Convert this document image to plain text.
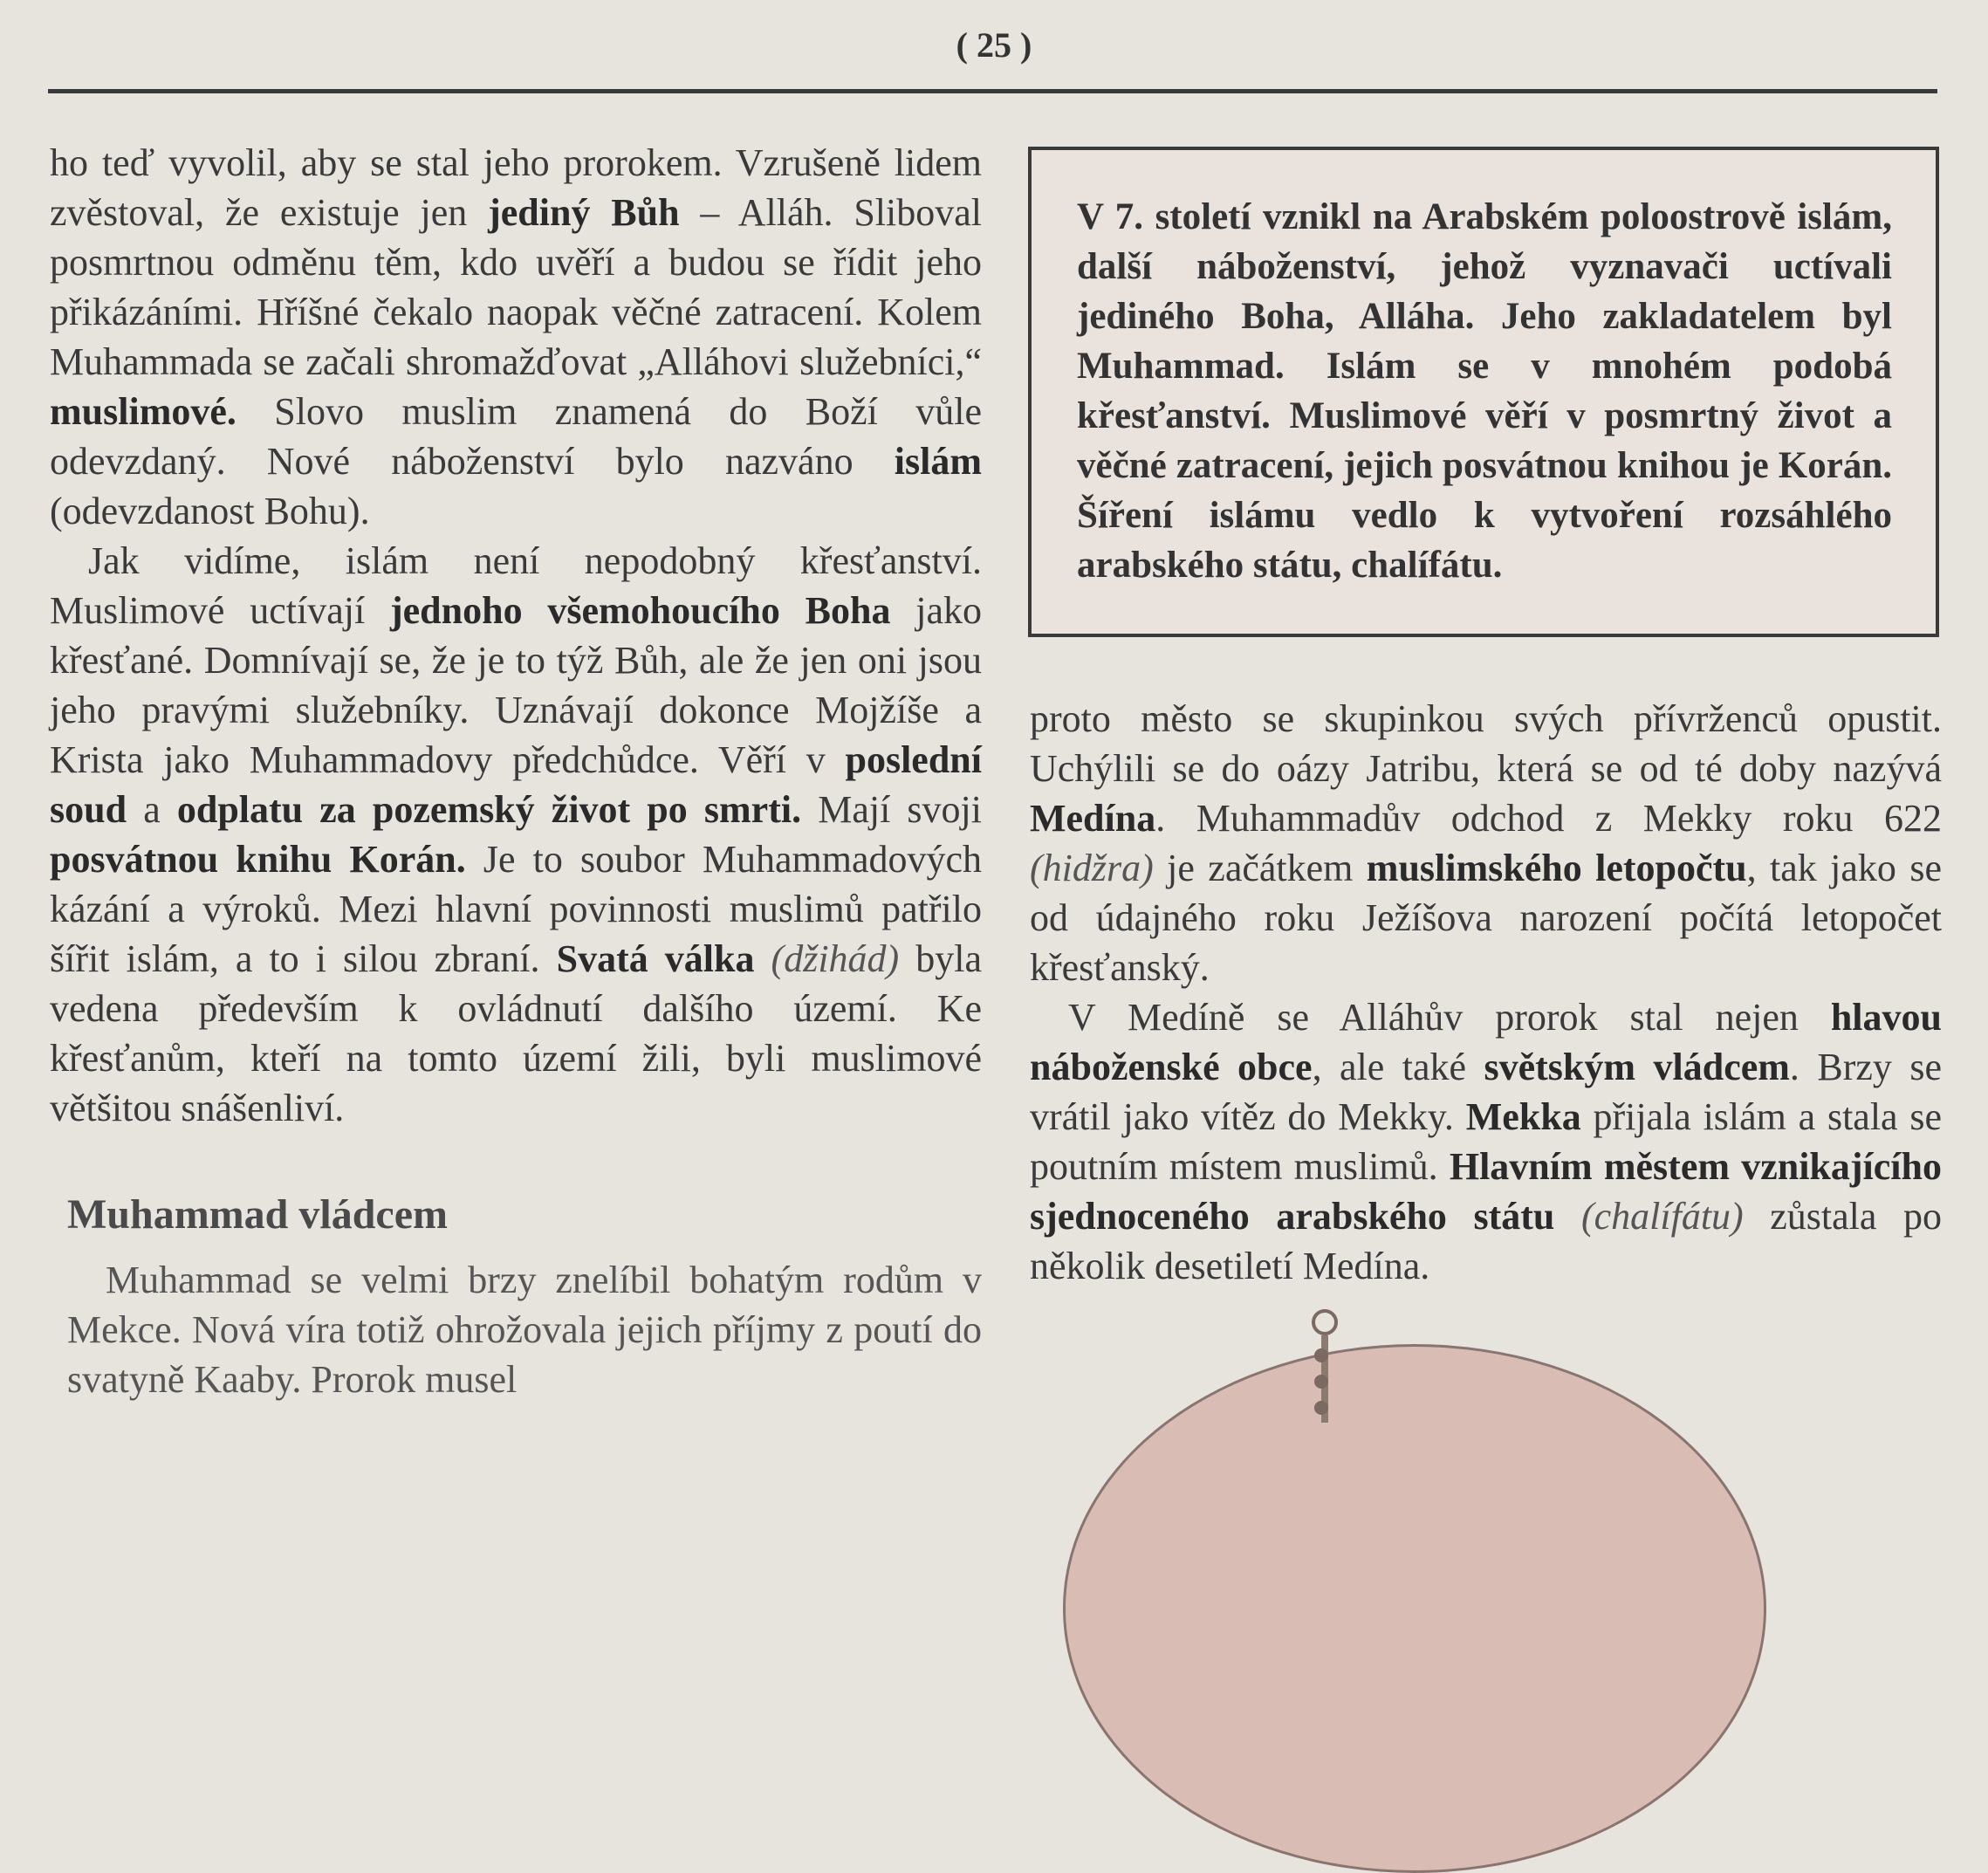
( 25 )

ho teď vyvolil, aby se stal jeho prorokem. Vzrušeně lidem zvěstoval, že existuje jen jediný Bůh – Alláh. Sliboval posmrtnou odměnu těm, kdo uvěří a budou se řídit jeho přikázáními. Hříšné čekalo naopak věčné zatracení. Kolem Muhammada se začali shromažďovat „Alláhovi služebníci,“ muslimové. Slovo muslim znamená do Boží vůle odevzdaný. Nové náboženství bylo nazváno islám (odevzdanost Bohu).

Jak vidíme, islám není nepodobný křesťanství. Muslimové uctívají jednoho všemohoucího Boha jako křesťané. Domnívají se, že je to týž Bůh, ale že jen oni jsou jeho pravými služebníky. Uznávají dokonce Mojžíše a Krista jako Muhammadovy předchůdce. Věří v poslední soud a odplatu za pozemský život po smrti. Mají svoji posvátnou knihu Korán. Je to soubor Muhammadových kázání a výroků. Mezi hlavní povinnosti muslimů patřilo šířit islám, a to i silou zbraní. Svatá válka (džihád) byla vedena především k ovládnutí dalšího území. Ke křesťanům, kteří na tomto území žili, byli muslimové většitou snášenliví.

Muhammad vládcem

Muhammad se velmi brzy znelíbil bohatým rodům v Mekce. Nová víra totiž ohrožovala jejich příjmy z poutí do svatyně Kaaby. Prorok musel

V 7. století vznikl na Arabském poloostrově islám, další náboženství, jehož vyznavači uctívali jediného Boha, Alláha. Jeho zakladatelem byl Muhammad. Islám se v mnohém podobá křesťanství. Muslimové věří v posmrtný život a věčné zatracení, jejich posvátnou knihou je Korán. Šíření islámu vedlo k vytvoření rozsáhlého arabského státu, chalífátu.

proto město se skupinkou svých přívrženců opustit. Uchýlili se do oázy Jatribu, která se od té doby nazývá Medína. Muhammadův odchod z Mekky roku 622 (hidžra) je začátkem muslimského letopočtu, tak jako se od údajného roku Ježíšova narození počítá letopočet křesťanský.

V Medíně se Alláhův prorok stal nejen hlavou náboženské obce, ale také světským vládcem. Brzy se vrátil jako vítěz do Mekky. Mekka přijala islám a stala se poutním místem muslimů. Hlavním městem vznikajícího sjednoceného arabského státu (chalífátu) zůstala po několik desetiletí Medína.
